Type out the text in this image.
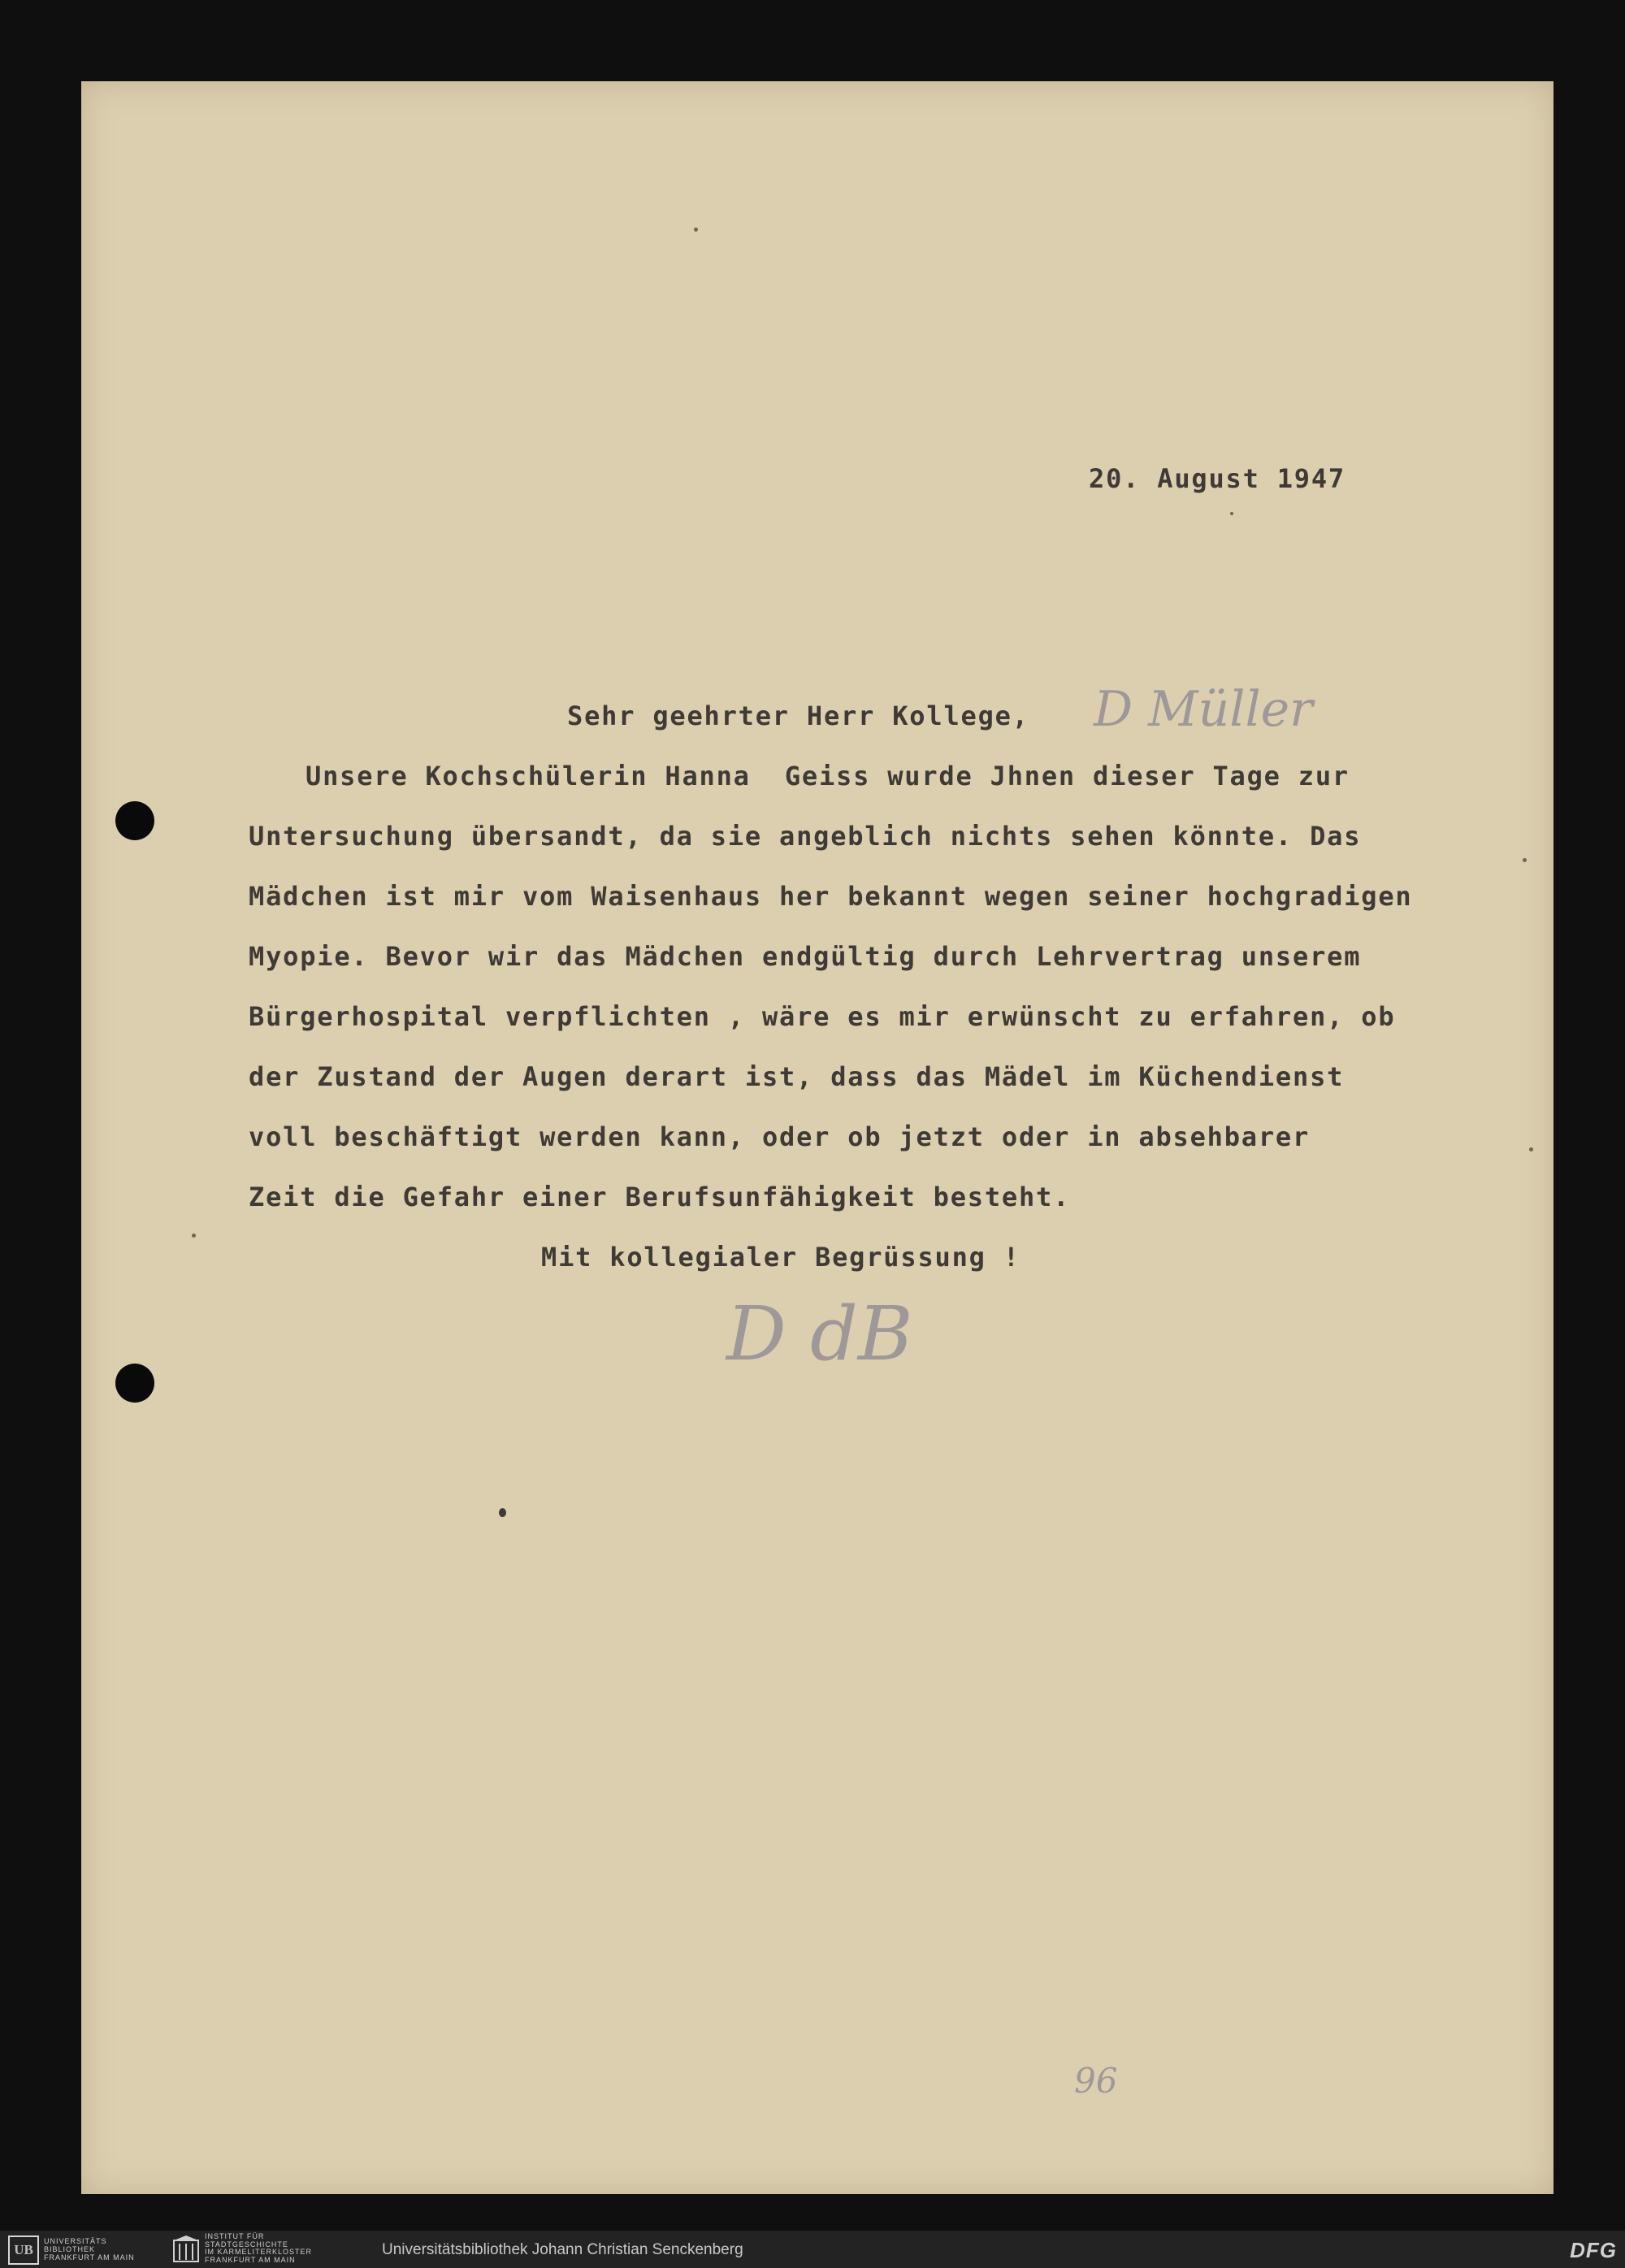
20. August 1947
Sehr geehrter Herr Kollege, D Müller
Unsere Kochschülerin Hanna  Geiss wurde Jhnen dieser Tage zur
Untersuchung übersandt, da sie angeblich nichts sehen könnte. Das
Mädchen ist mir vom Waisenhaus her bekannt wegen seiner hochgradigen
Myopie. Bevor wir das Mädchen endgültig durch Lehrvertrag unserem
Bürgerhospital verpflichten , wäre es mir erwünscht zu erfahren, ob
der Zustand der Augen derart ist, dass das Mädel im Küchendienst
voll beschäftigt werden kann, oder ob jetzt oder in absehbarer
Zeit die Gefahr einer Berufsunfähigkeit besteht.
Mit kollegialer Begrüssung !
D dB
96
UB
UNIVERSITÄTS
BIBLIOTHEK
FRANKFURT AM MAIN
INSTITUT FÜR
STADTGESCHICHTE
IM KARMELITERKLOSTER
FRANKFURT AM MAIN
Universitätsbibliothek Johann Christian Senckenberg	DFG
